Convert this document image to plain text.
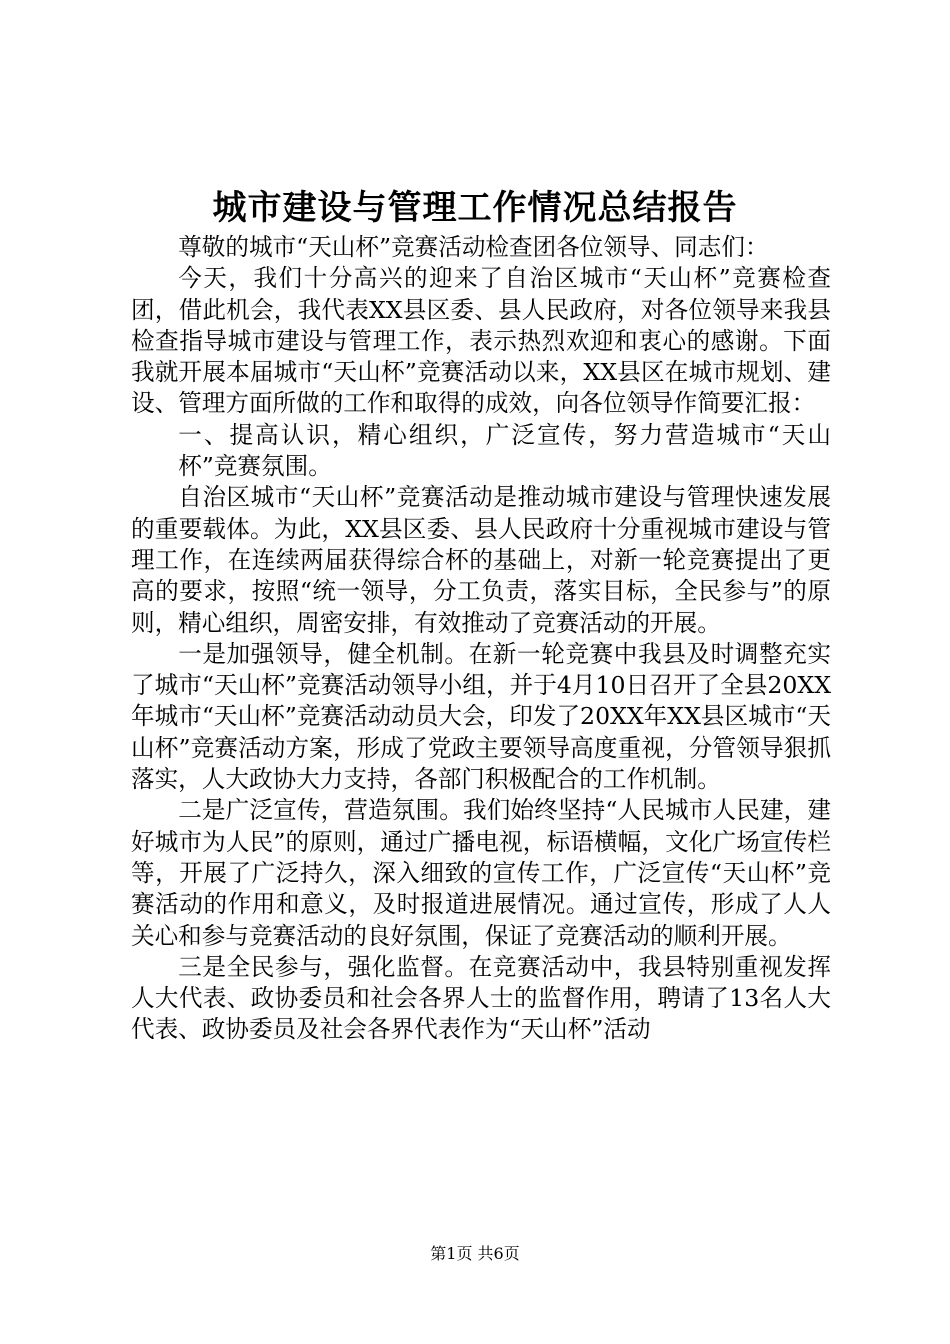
城市建设与管理工作情况总结报告

尊敬的城市“天山杯”竞赛活动检查团各位领导、同志们：

今天，我们十分高兴的迎来了自治区城市“天山杯”竞赛检查团，借此机会，我代表XX县区委、县人民政府，对各位领导来我县检查指导城市建设与管理工作，表示热烈欢迎和衷心的感谢。下面我就开展本届城市“天山杯”竞赛活动以来，XX县区在城市规划、建设、管理方面所做的工作和取得的成效，向各位领导作简要汇报：

一、提高认识，精心组织，广泛宣传，努力营造城市“天山杯”竞赛氛围。

自治区城市“天山杯”竞赛活动是推动城市建设与管理快速发展的重要载体。为此，XX县区委、县人民政府十分重视城市建设与管理工作，在连续两届获得综合杯的基础上，对新一轮竞赛提出了更高的要求，按照“统一领导，分工负责，落实目标，全民参与”的原则，精心组织，周密安排，有效推动了竞赛活动的开展。

一是加强领导，健全机制。在新一轮竞赛中我县及时调整充实了城市“天山杯”竞赛活动领导小组，并于4月10日召开了全县20XX年城市“天山杯”竞赛活动动员大会，印发了20XX年XX县区城市“天山杯”竞赛活动方案，形成了党政主要领导高度重视，分管领导狠抓落实，人大政协大力支持，各部门积极配合的工作机制。

二是广泛宣传，营造氛围。我们始终坚持“人民城市人民建，建好城市为人民”的原则，通过广播电视，标语横幅，文化广场宣传栏等，开展了广泛持久，深入细致的宣传工作，广泛宣传“天山杯”竞赛活动的作用和意义，及时报道进展情况。通过宣传，形成了人人关心和参与竞赛活动的良好氛围，保证了竞赛活动的顺利开展。

三是全民参与，强化监督。在竞赛活动中，我县特别重视发挥人大代表、政协委员和社会各界人士的监督作用，聘请了13名人大代表、政协委员及社会各界代表作为“天山杯”活动

第1页 共6页
